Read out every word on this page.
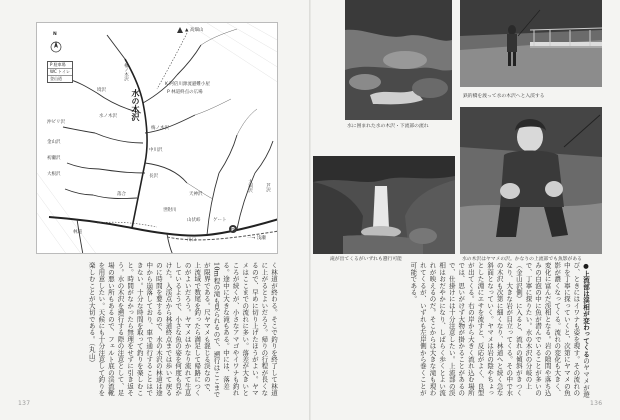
P
N
P 駐車場
WC トイレ
登山道
▲ 高畑山
檜ノ木沢
K 阿倍川源流避難小屋
P 林道終点の広場
水の木沢
境沢
水ノ木沢
梅ノ木沢
沖ビリ沢
金山沢
初瀬沢
大根沢
中川沢
長沢
落合	天神沢
世附川
山伏峠	ゲート
大洞沢	芦沢
林道
川口	一→ 浅瀬
く林道が終わる。そこで釣りを終了して林道に上がるとよいだろう。帰りの行程が長くなるので、早めに切り上げたほうがよい。ヤマメはここまでの流れに多い。落差が大きいところが続くが、小さなアマゴやイワナも釣れる。途中に大きな滝もある。中には、落差10m程の滝も見られるので、遡行はここまでが限界である。尺ヤマメも混じる渓なので、上流域で数尾を釣ったら満足して帰路につくのがよいだろう。ヤマメはかなり流れて生息しているようで、小さな魚の姿を何度も見かけた。入渓点から林道終点までは歩いて戻るのに時間を要するので、水の木沢の林道は途中から崩落しており、車で通行することはできない。十分な時間を取って釣りを楽しむこと。時間がなかったら無理をせずに引き返そう。水の木沢を遡行する際の注意として、足場の悪い所もあるので、フェルト底の渓流靴を用意したい。天候にも十分注意して釣りを楽しむことが大切である。（丸山）
137
水に囲まれた水の木沢・下流部の流れ
鉄的橋を渡って水の木沢へと入渓する
滝が出てくるがいずれも遡行可能	水の木沢はヤマメの沢。かなりの上流部でも魚影がある
●上流部は渓相が変わってくるのヤマメが遊び、ときにはイワナも姿を現す。その流れの中を丁寧に探っていくと、次第にヤマメの魚影が濃くなってくる。流れの変化も大きく、変化に富んだ渓相となる。岩の隙間や落ち込みの白泡の中に魚が潜んでいることが多いので、丁寧に探りたい。水の木沢の分岐の上（金山沢側）に入ると、流れの傾斜がきつくなり、大きな岩が目立ってくる。その中で水の木沢も次第に細くなり、林道へと続く急な斜面となっていく。ヤマメは岩の陰やちょっとした淵にエサを流すと、反応がよく、良型が出てくる。右の岸から大きく流れ込む場所では、思いがけず大物が掛かることがあるので、仕掛けには十分注意したい。上流部の渓相はおだやかになり、しばらく歩くとよい流れが映えるのだ。そこからは大きな滝も現われてくるが、いずれも左岸側から巻くことが可能である。
136
